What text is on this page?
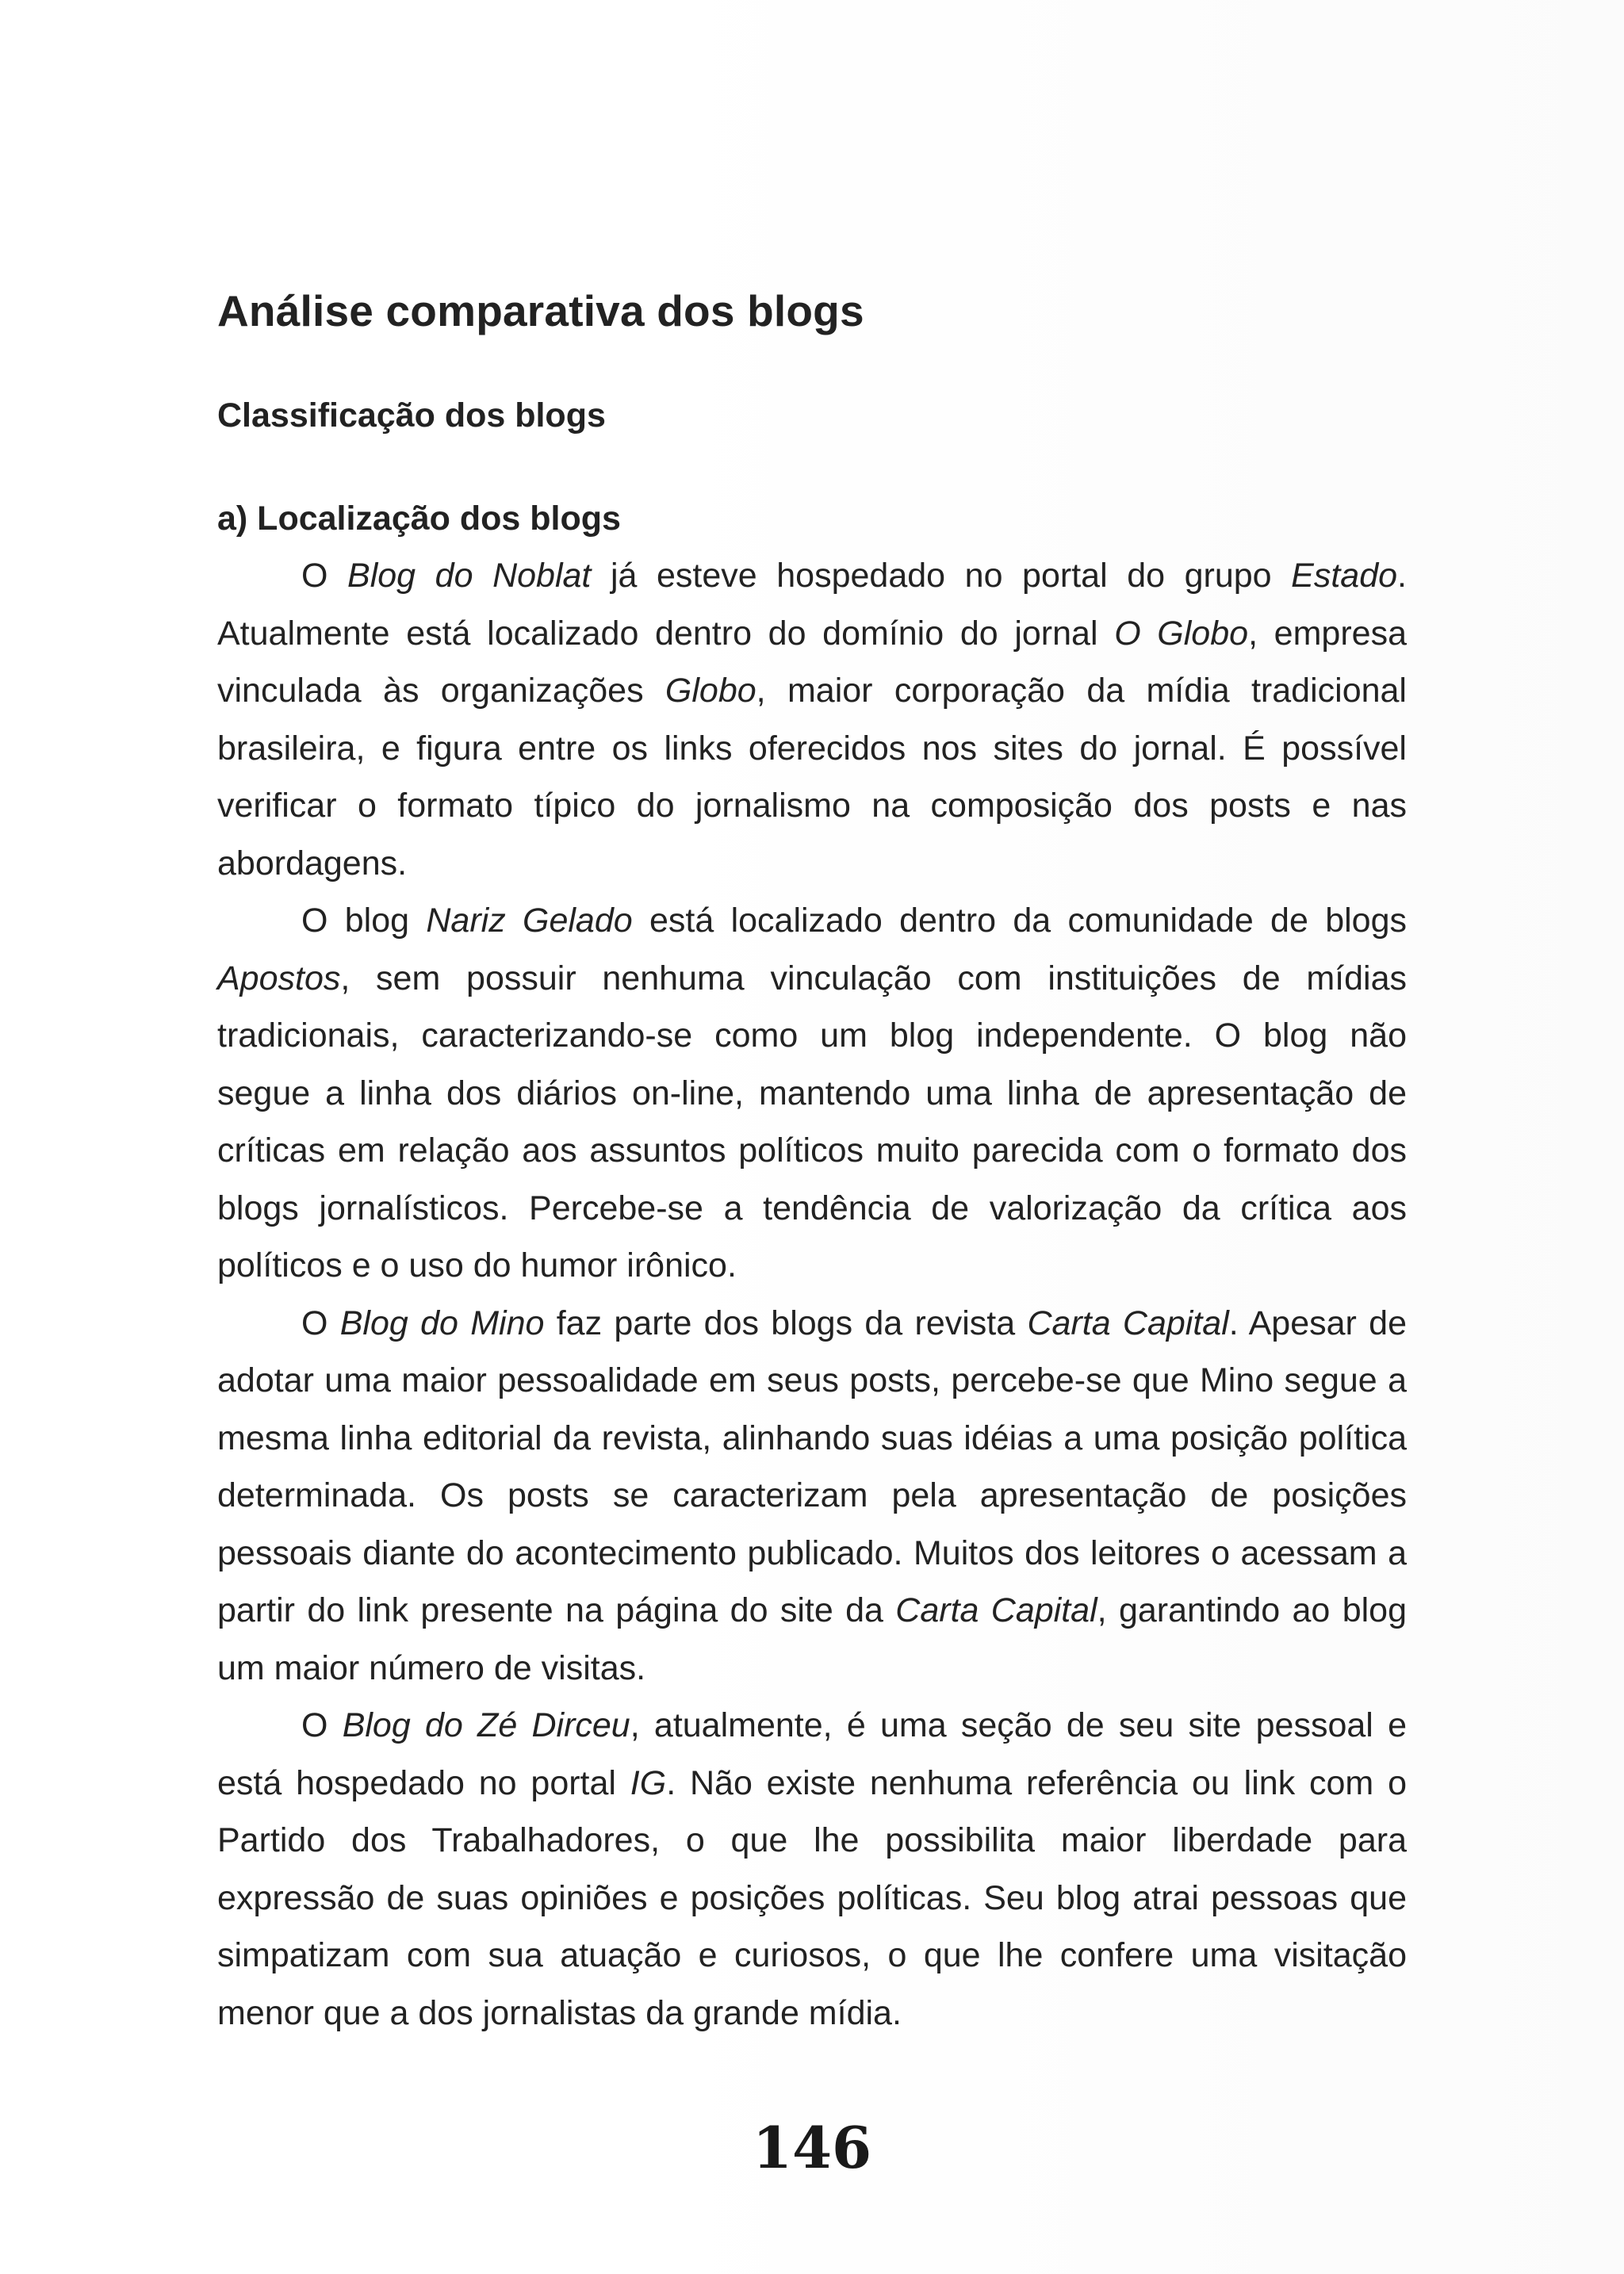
Análise comparativa dos blogs
Classificação dos blogs
a) Localização dos blogs

O Blog do Noblat já esteve hospedado no portal do grupo Estado. Atualmente está localizado dentro do domínio do jornal O Globo, empresa vinculada às organizações Globo, maior corporação da mídia tradicional brasileira, e figura entre os links oferecidos nos sites do jornal. É possível verificar o formato típico do jornalismo na composição dos posts e nas abordagens.

O blog Nariz Gelado está localizado dentro da comunidade de blogs Apostos, sem possuir nenhuma vinculação com instituições de mídias tradicionais, caracterizando-se como um blog independente. O blog não segue a linha dos diários on-line, mantendo uma linha de apresentação de críticas em relação aos assuntos políticos muito parecida com o formato dos blogs jornalísticos. Percebe-se a tendência de valorização da crítica aos políticos e o uso do humor irônico.

O Blog do Mino faz parte dos blogs da revista Carta Capital. Apesar de adotar uma maior pessoalidade em seus posts, percebe-se que Mino segue a mesma linha editorial da revista, alinhando suas idéias a uma posição política determinada. Os posts se caracterizam pela apresentação de posições pessoais diante do acontecimento publicado. Muitos dos leitores o acessam a partir do link presente na página do site da Carta Capital, garantindo ao blog um maior número de visitas.

O Blog do Zé Dirceu, atualmente, é uma seção de seu site pessoal e está hospedado no portal IG. Não existe nenhuma referência ou link com o Partido dos Trabalhadores, o que lhe possibilita maior liberdade para expressão de suas opiniões e posições políticas. Seu blog atrai pessoas que simpatizam com sua atuação e curiosos, o que lhe confere uma visitação menor que a dos jornalistas da grande mídia.

146
